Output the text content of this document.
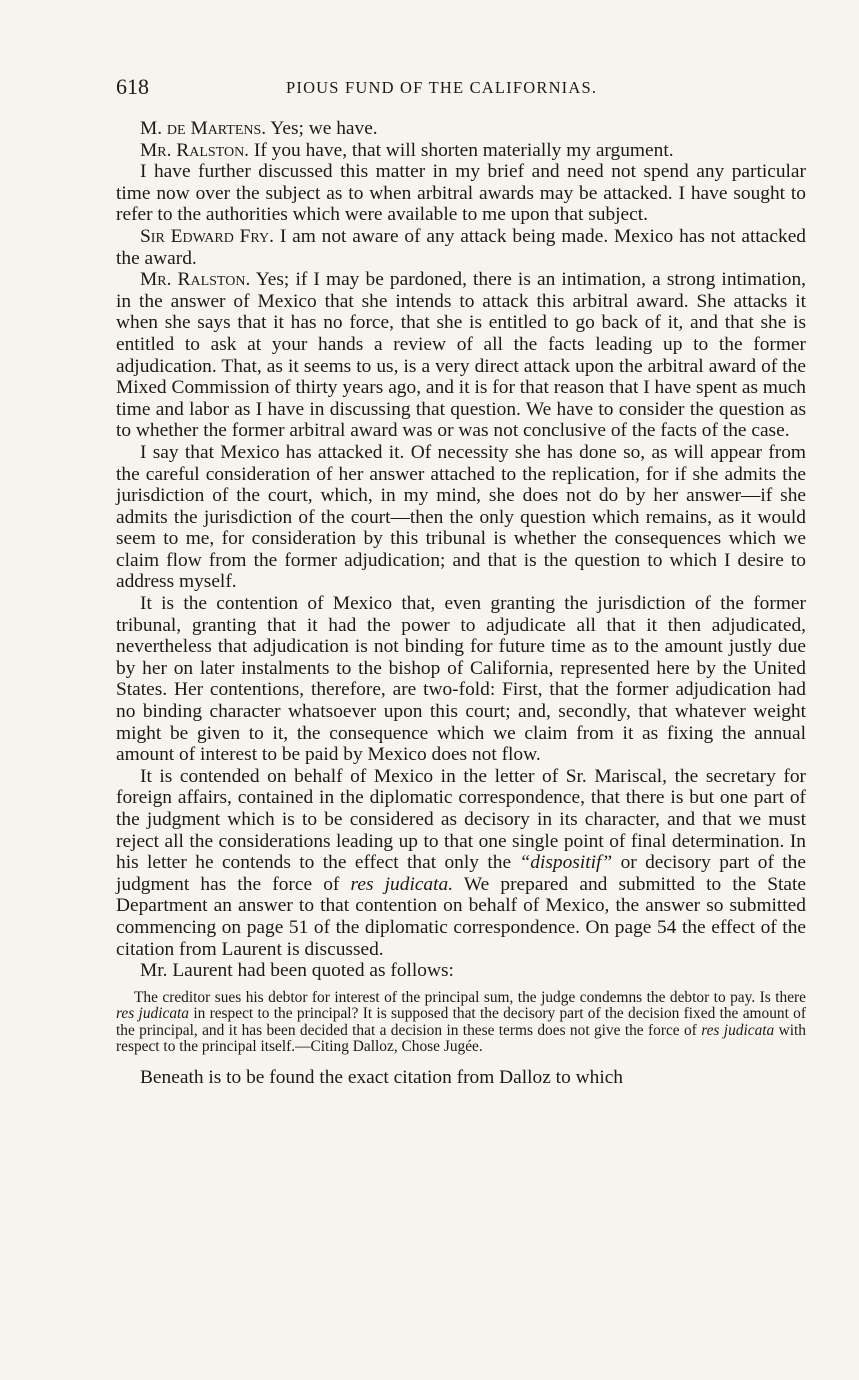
618	PIOUS FUND OF THE CALIFORNIAS.

M. de Martens. Yes; we have.

Mr. Ralston. If you have, that will shorten materially my argument.

I have further discussed this matter in my brief and need not spend any particular time now over the subject as to when arbitral awards may be attacked. I have sought to refer to the authorities which were available to me upon that subject.

Sir Edward Fry. I am not aware of any attack being made. Mexico has not attacked the award.

Mr. Ralston. Yes; if I may be pardoned, there is an intimation, a strong intimation, in the answer of Mexico that she intends to attack this arbitral award. She attacks it when she says that it has no force, that she is entitled to go back of it, and that she is entitled to ask at your hands a review of all the facts leading up to the former adjudication. That, as it seems to us, is a very direct attack upon the arbitral award of the Mixed Commission of thirty years ago, and it is for that reason that I have spent as much time and labor as I have in discussing that question. We have to consider the question as to whether the former arbitral award was or was not conclusive of the facts of the case.

I say that Mexico has attacked it. Of necessity she has done so, as will appear from the careful consideration of her answer attached to the replication, for if she admits the jurisdiction of the court, which, in my mind, she does not do by her answer—if she admits the jurisdiction of the court—then the only question which remains, as it would seem to me, for consideration by this tribunal is whether the consequences which we claim flow from the former adjudication; and that is the question to which I desire to address myself.

It is the contention of Mexico that, even granting the jurisdiction of the former tribunal, granting that it had the power to adjudicate all that it then adjudicated, nevertheless that adjudication is not binding for future time as to the amount justly due by her on later instalments to the bishop of California, represented here by the United States. Her contentions, therefore, are two-fold: First, that the former adjudication had no binding character whatsoever upon this court; and, secondly, that whatever weight might be given to it, the consequence which we claim from it as fixing the annual amount of interest to be paid by Mexico does not flow.

It is contended on behalf of Mexico in the letter of Sr. Mariscal, the secretary for foreign affairs, contained in the diplomatic correspondence, that there is but one part of the judgment which is to be considered as decisory in its character, and that we must reject all the considerations leading up to that one single point of final determination. In his letter he contends to the effect that only the “dispositif” or decisory part of the judgment has the force of res judicata. We prepared and submitted to the State Department an answer to that contention on behalf of Mexico, the answer so submitted commencing on page 51 of the diplomatic correspondence. On page 54 the effect of the citation from Laurent is discussed.

Mr. Laurent had been quoted as follows:

The creditor sues his debtor for interest of the principal sum, the judge condemns the debtor to pay. Is there res judicata in respect to the principal? It is supposed that the decisory part of the decision fixed the amount of the principal, and it has been decided that a decision in these terms does not give the force of res judicata with respect to the principal itself.—Citing Dalloz, Chose Jugée.

Beneath is to be found the exact citation from Dalloz to which
